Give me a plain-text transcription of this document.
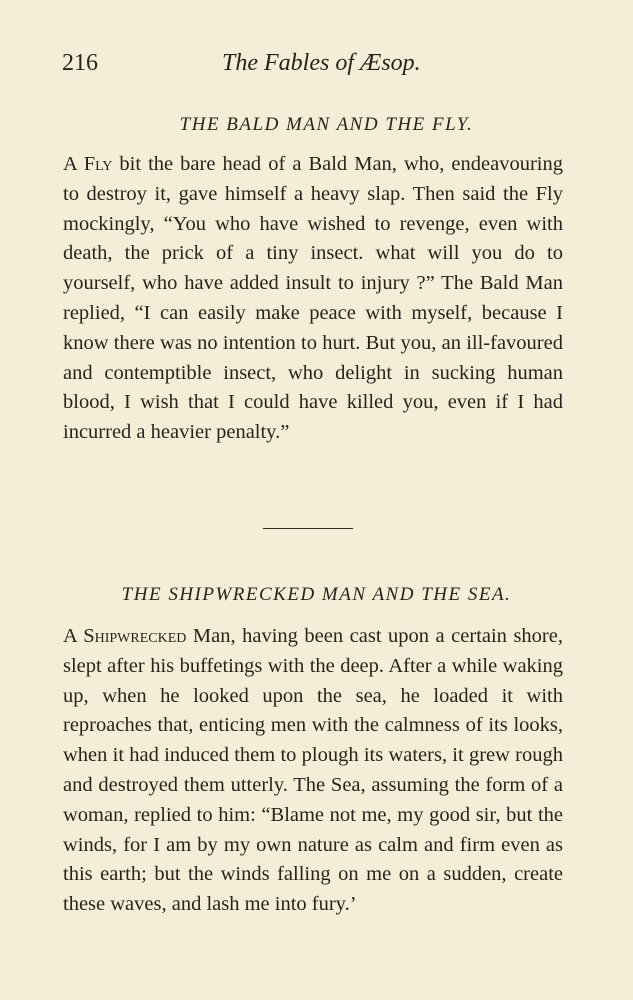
216	The Fables of Æsop.
THE BALD MAN AND THE FLY.

A Fly bit the bare head of a Bald Man, who, endeavouring to destroy it, gave himself a heavy slap. Then said the Fly mockingly, “You who have wished to revenge, even with death, the prick of a tiny insect. what will you do to yourself, who have added insult to injury ?” The Bald Man replied, “I can easily make peace with myself, because I know there was no intention to hurt. But you, an ill-favoured and contemptible insect, who delight in sucking human blood, I wish that I could have killed you, even if I had incurred a heavier penalty.”

THE SHIPWRECKED MAN AND THE SEA.

A Shipwrecked Man, having been cast upon a certain shore, slept after his buffetings with the deep. After a while waking up, when he looked upon the sea, he loaded it with reproaches that, enticing men with the calmness of its looks, when it had induced them to plough its waters, it grew rough and destroyed them utterly. The Sea, assuming the form of a woman, replied to him: “Blame not me, my good sir, but the winds, for I am by my own nature as calm and firm even as this earth; but the winds falling on me on a sudden, create these waves, and lash me into fury.’
